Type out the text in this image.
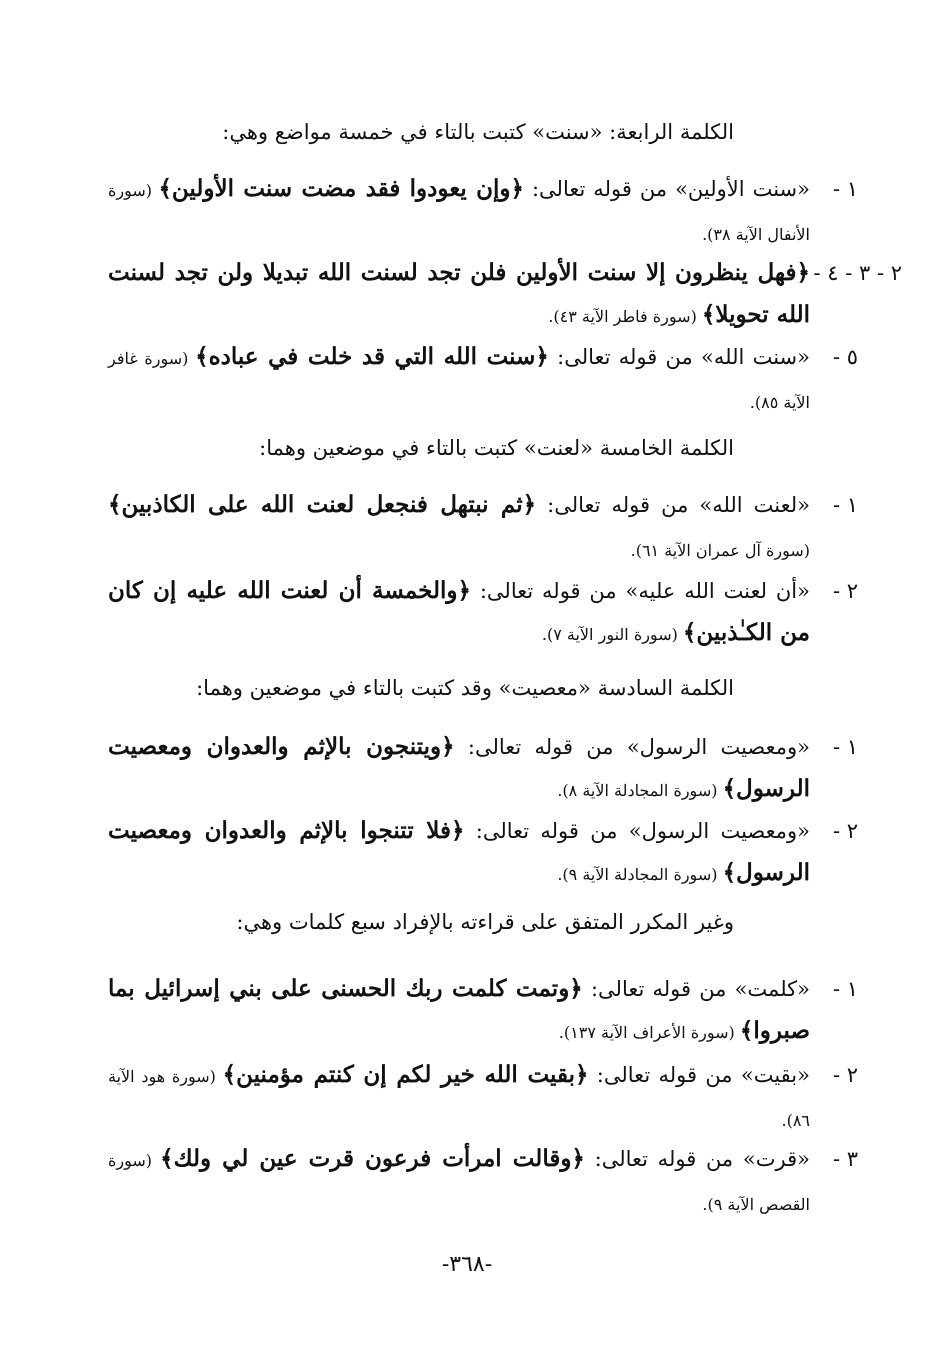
الكلمة الرابعة: «سنت» كتبت بالتاء في خمسة مواضع وهي:
١ -
«سنت الأولين» من قوله تعالى: ﴿وإن يعودوا فقد مضت سنت الأولين﴾ (سورة الأنفال الآية ٣٨).
٢ - ٣ - ٤ -
﴿فهل ينظرون إلا سنت الأولين فلن تجد لسنت الله تبديلا ولن تجد لسنت الله تحويلا﴾ (سورة فاطر الآية ٤٣).
٥ -
«سنت الله» من قوله تعالى: ﴿سنت الله التي قد خلت في عباده﴾ (سورة غافر الآية ٨٥).
الكلمة الخامسة «لعنت» كتبت بالتاء في موضعين وهما:
١ -
«لعنت الله» من قوله تعالى: ﴿ثم نبتهل فنجعل لعنت الله على الكاذبين﴾ (سورة آل عمران الآية ٦١).
٢ -
«أن لعنت الله عليه» من قوله تعالى: ﴿والخمسة أن لعنت الله عليه إن كان من الكـٰذبين﴾ (سورة النور الآية ٧).
الكلمة السادسة «معصيت» وقد كتبت بالتاء في موضعين وهما:
١ -
«ومعصيت الرسول» من قوله تعالى: ﴿ويتنجون بالإثم والعدوان ومعصيت الرسول﴾ (سورة المجادلة الآية ٨).
٢ -
«ومعصيت الرسول» من قوله تعالى: ﴿فلا تتنجوا بالإثم والعدوان ومعصيت الرسول﴾ (سورة المجادلة الآية ٩).
وغير المكرر المتفق على قراءته بالإفراد سبع كلمات وهي:
١ -
«كلمت» من قوله تعالى: ﴿وتمت كلمت ربك الحسنى على بني إسرائيل بما صبروا﴾ (سورة الأعراف الآية ١٣٧).
٢ -
«بقيت» من قوله تعالى: ﴿بقيت الله خير لكم إن كنتم مؤمنين﴾ (سورة هود الآية ٨٦).
٣ -
«قرت» من قوله تعالى: ﴿وقالت امرأت فرعون قرت عين لي ولك﴾ (سورة القصص الآية ٩).
-٣٦٨-
